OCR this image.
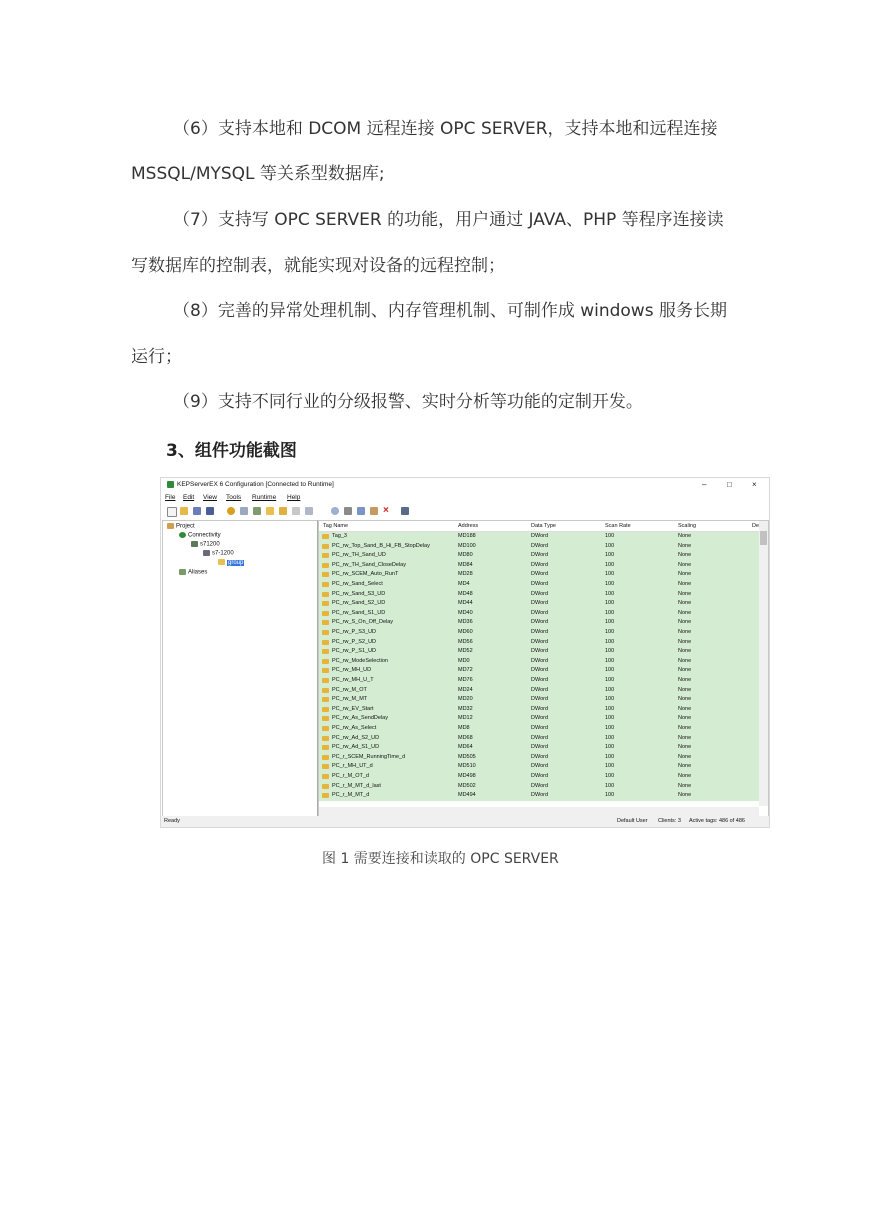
（6）支持本地和 DCOM 远程连接 OPC SERVER，支持本地和远程连接
MSSQL/MYSQL 等关系型数据库;
（7）支持写 OPC SERVER 的功能，用户通过 JAVA、PHP 等程序连接读
写数据库的控制表，就能实现对设备的远程控制；
（8）完善的异常处理机制、内存管理机制、可制作成 windows 服务长期
运行；
（9）支持不同行业的分级报警、实时分析等功能的定制开发。
3、组件功能截图
KEPServerEX 6 Configuration [Connected to Runtime]	–	□	×
File Edit View Tools Runtime Help
×
Project
Connectivity
s71200
s7-1200
group
Aliases
Tag Name	Address	Data Type	Scan Rate	Scaling	De
Tag_3	MD188	DWord	100	None
PC_rw_Top_Sand_B_Hi_FB_StopDelay	MD100	DWord	100	None
PC_rw_TH_Sand_UD	MD80	DWord	100	None
PC_rw_TH_Sand_CloseDelay	MD84	DWord	100	None
PC_rw_SCEM_Auto_RunT	MD28	DWord	100	None
PC_rw_Sand_Select	MD4	DWord	100	None
PC_rw_Sand_S3_UD	MD48	DWord	100	None
PC_rw_Sand_S2_UD	MD44	DWord	100	None
PC_rw_Sand_S1_UD	MD40	DWord	100	None
PC_rw_S_On_Off_Delay	MD36	DWord	100	None
PC_rw_P_S3_UD	MD60	DWord	100	None
PC_rw_P_S2_UD	MD56	DWord	100	None
PC_rw_P_S1_UD	MD52	DWord	100	None
PC_rw_ModeSelection	MD0	DWord	100	None
PC_rw_MH_UD	MD72	DWord	100	None
PC_rw_MH_U_T	MD76	DWord	100	None
PC_rw_M_OT	MD24	DWord	100	None
PC_rw_M_MT	MD20	DWord	100	None
PC_rw_EV_Start	MD32	DWord	100	None
PC_rw_As_SendDelay	MD12	DWord	100	None
PC_rw_As_Select	MD8	DWord	100	None
PC_rw_Ad_S2_UD	MD68	DWord	100	None
PC_rw_Ad_S1_UD	MD64	DWord	100	None
PC_r_SCEM_RunningTime_d	MD505	DWord	100	None
PC_r_MH_UT_d	MD510	DWord	100	None
PC_r_M_OT_d	MD498	DWord	100	None
PC_r_M_MT_d_last	MD502	DWord	100	None
PC_r_M_MT_d	MD494	DWord	100	None
Ready	Default User Clients: 3 Active tags: 486 of 486
图 1 需要连接和读取的 OPC SERVER
